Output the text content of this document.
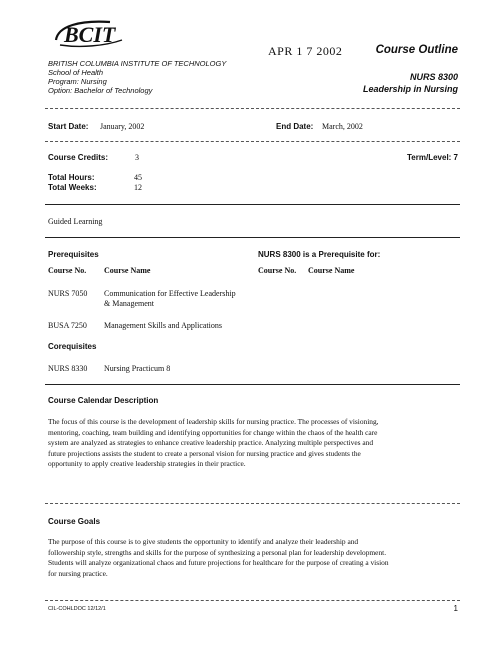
BCIT
BRITISH COLUMBIA INSTITUTE OF TECHNOLOGY
School of Health
Program: Nursing
Option: Bachelor of Technology
APR 1 7 2002	Course Outline
NURS 8300
Leadership in Nursing
Start Date: January, 2002	End Date: March, 2002
Course Credits:	3	Term/Level: 7
Total Hours:	45
Total Weeks:	12
Guided Learning
Prerequisites	NURS 8300 is a Prerequisite for:
Course No. Course Name	Course No. Course Name
NURS 7050 Communication for Effective Leadership
& Management
BUSA 7250 Management Skills and Applications
Corequisites
NURS 8330 Nursing Practicum 8
Course Calendar Description
The focus of this course is the development of leadership skills for nursing practice. The processes of visioning,
mentoring, coaching, team building and identifying opportunities for change within the chaos of the health care
system are analyzed as strategies to enhance creative leadership practice. Analyzing multiple perspectives and
future projections assists the student to create a personal vision for nursing practice and gives students the
opportunity to apply creative leadership strategies in their practice.
Course Goals
The purpose of this course is to give students the opportunity to identify and analyze their leadership and
followership style, strengths and skills for the purpose of synthesizing a personal plan for leadership development.
Students will analyze organizational chaos and future projections for healthcare for the purpose of creating a vision
for nursing practice.
CIL-COHLDOC 12/12/1	1
